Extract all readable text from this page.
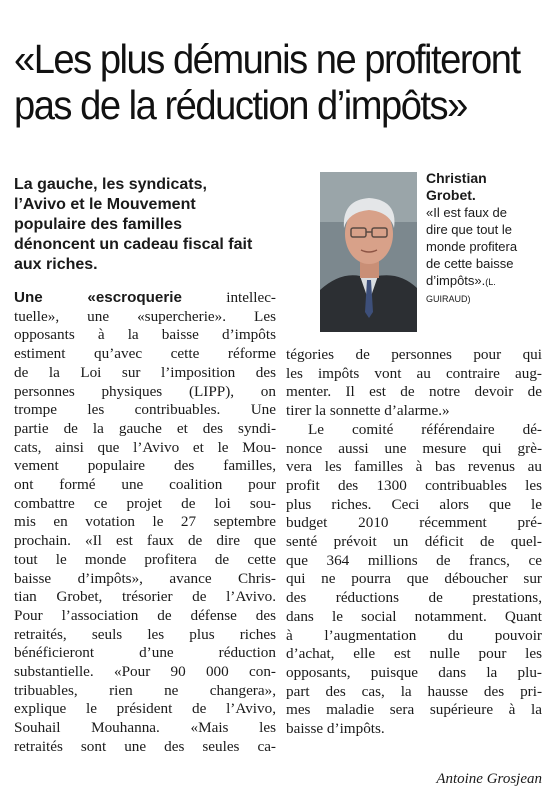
«Les plus démunis ne profiteront
pas de la réduction d’impôts»
La gauche, les syndicats,
l’Avivo et le Mouvement
populaire des familles
dénoncent un cadeau fiscal fait
aux riches.
Christian
Grobet.
«Il est faux de
dire que tout le
monde profitera
de cette baisse
d’impôts».(L.
GUIRAUD)
Une «escroquerie intellec-
tuelle», une «supercherie». Les
opposants à la baisse d’impôts
estiment qu’avec cette réforme
de la Loi sur l’imposition des
personnes physiques (LIPP), on
trompe les contribuables. Une
partie de la gauche et des syndi-
cats, ainsi que l’Avivo et le Mou-
vement populaire des familles,
ont formé une coalition pour
combattre ce projet de loi sou-
mis en votation le 27 septembre
prochain. «Il est faux de dire que
tout le monde profitera de cette
baisse d’impôts», avance Chris-
tian Grobet, trésorier de l’Avivo.
Pour l’association de défense des
retraités, seuls les plus riches
bénéficieront d’une réduction
substantielle. «Pour 90 000 con-
tribuables, rien ne changera»,
explique le président de l’Avivo,
Souhail Mouhanna. «Mais les
retraités sont une des seules ca-
tégories de personnes pour qui
les impôts vont au contraire aug-
menter. Il est de notre devoir de
tirer la sonnette d’alarme.»
Le comité référendaire dé-
nonce aussi une mesure qui grè-
vera les familles à bas revenus au
profit des 1300 contribuables les
plus riches. Ceci alors que le
budget 2010 récemment pré-
senté prévoit un déficit de quel-
que 364 millions de francs, ce
qui ne pourra que déboucher sur
des réductions de prestations,
dans le social notamment. Quant
à l’augmentation du pouvoir
d’achat, elle est nulle pour les
opposants, puisque dans la plu-
part des cas, la hausse des pri-
mes maladie sera supérieure à la
baisse d’impôts.
Antoine Grosjean
